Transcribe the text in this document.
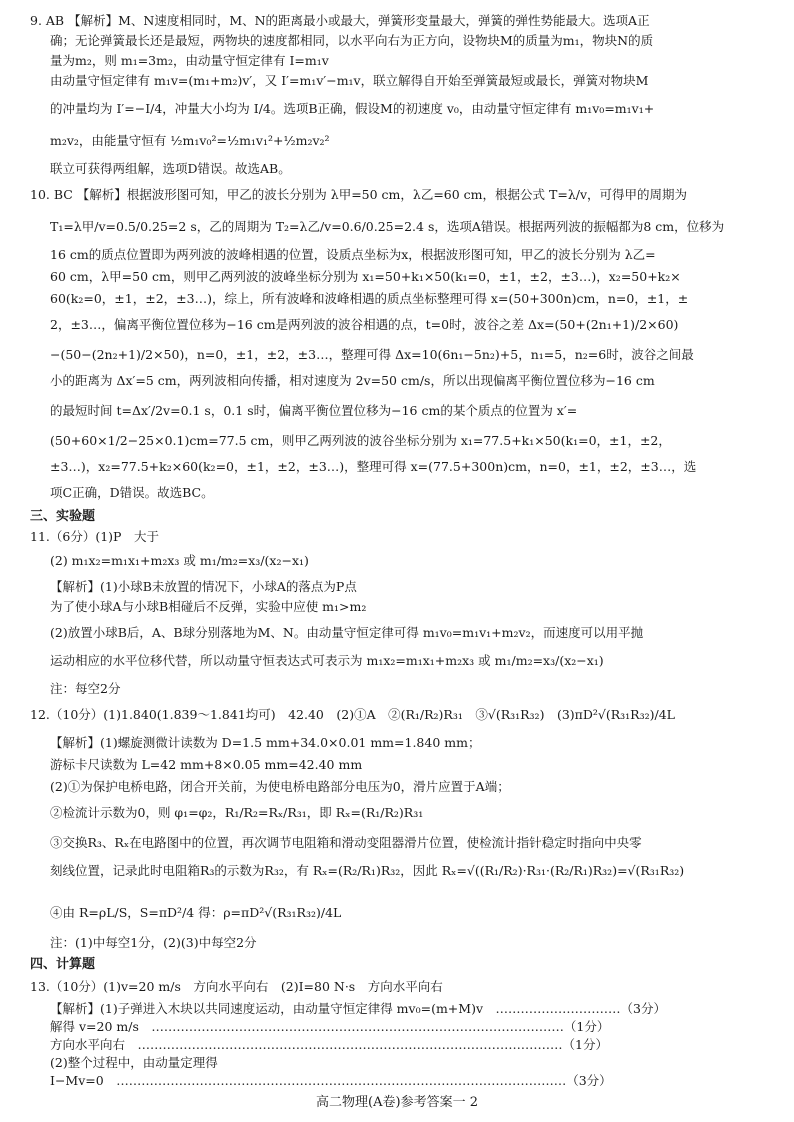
9. AB 【解析】M、N速度相同时，M、N的距离最小或最大，弹簧形变量最大，弹簧的弹性势能最大。选项A正
确；无论弹簧最长还是最短，两物块的速度都相同，以水平向右为正方向，设物块M的质量为m₁，物块N的质
量为m₂，则 m₁=3m₂，由动量守恒定律有 I=m₁v
由动量守恒定律有 m₁v=(m₁+m₂)v′，又 I′=m₁v′−m₁v，联立解得自开始至弹簧最短或最长，弹簧对物块M
的冲量均为 I′=−I/4，冲量大小均为 I/4。选项B正确，假设M的初速度 v₀，由动量守恒定律有 m₁v₀=m₁v₁+
m₂v₂，由能量守恒有 ½m₁v₀²=½m₁v₁²+½m₂v₂²
联立可获得两组解，选项D错误。故选AB。
10. BC 【解析】根据波形图可知，甲乙的波长分别为 λ甲=50 cm，λ乙=60 cm，根据公式 T=λ/v，可得甲的周期为
T₁=λ甲/v=0.5/0.25=2 s，乙的周期为 T₂=λ乙/v=0.6/0.25=2.4 s，选项A错误。根据两列波的振幅都为8 cm，位移为
16 cm的质点位置即为两列波的波峰相遇的位置，设质点坐标为x，根据波形图可知，甲乙的波长分别为 λ乙=
60 cm，λ甲=50 cm，则甲乙两列波的波峰坐标分别为 x₁=50+k₁×50(k₁=0，±1，±2，±3…)，x₂=50+k₂×
60(k₂=0，±1，±2，±3…)，综上，所有波峰和波峰相遇的质点坐标整理可得 x=(50+300n)cm，n=0，±1，±
2，±3…，偏离平衡位置位移为−16 cm是两列波的波谷相遇的点，t=0时，波谷之差 Δx=(50+(2n₁+1)/2×60)
−(50−(2n₂+1)/2×50)，n=0，±1，±2，±3…，整理可得 Δx=10(6n₁−5n₂)+5，n₁=5，n₂=6时，波谷之间最
小的距离为 Δx′=5 cm，两列波相向传播，相对速度为 2v=50 cm/s，所以出现偏离平衡位置位移为−16 cm
的最短时间 t=Δx′/2v=0.1 s，0.1 s时，偏离平衡位置位移为−16 cm的某个质点的位置为 x′=
(50+60×1/2−25×0.1)cm=77.5 cm，则甲乙两列波的波谷坐标分别为 x₁=77.5+k₁×50(k₁=0，±1，±2，
±3…)，x₂=77.5+k₂×60(k₂=0，±1，±2，±3…)，整理可得 x=(77.5+300n)cm，n=0，±1，±2，±3…，选
项C正确，D错误。故选BC。
三、实验题
11.（6分）(1)P　大于
(2) m₁x₂=m₁x₁+m₂x₃ 或 m₁/m₂=x₃/(x₂−x₁)
【解析】(1)小球B未放置的情况下，小球A的落点为P点
为了使小球A与小球B相碰后不反弹，实验中应使 m₁>m₂
(2)放置小球B后，A、B球分别落地为M、N。由动量守恒定律可得 m₁v₀=m₁v₁+m₂v₂，而速度可以用平抛
运动相应的水平位移代替，所以动量守恒表达式可表示为 m₁x₂=m₁x₁+m₂x₃ 或 m₁/m₂=x₃/(x₂−x₁)
注：每空2分
12.（10分）(1)1.840(1.839～1.841均可)　42.40　(2)①A　②(R₁/R₂)R₃₁　③√(R₃₁R₃₂)　(3)πD²√(R₃₁R₃₂)/4L
【解析】(1)螺旋测微计读数为 D=1.5 mm+34.0×0.01 mm=1.840 mm；
游标卡尺读数为 L=42 mm+8×0.05 mm=42.40 mm
(2)①为保护电桥电路，闭合开关前，为使电桥电路部分电压为0，滑片应置于A端；
②检流计示数为0，则 φ₁=φ₂，R₁/R₂=Rₓ/R₃₁，即 Rₓ=(R₁/R₂)R₃₁
③交换R₃、Rₓ在电路图中的位置，再次调节电阻箱和滑动变阻器滑片位置，使检流计指针稳定时指向中央零
刻线位置，记录此时电阻箱R₃的示数为R₃₂，有 Rₓ=(R₂/R₁)R₃₂，因此 Rₓ=√((R₁/R₂)·R₃₁·(R₂/R₁)R₃₂)=√(R₃₁R₃₂)
④由 R=ρL/S，S=πD²/4 得：ρ=πD²√(R₃₁R₃₂)/4L
注：(1)中每空1分，(2)(3)中每空2分
四、计算题
13.（10分）(1)v=20 m/s　方向水平向右　(2)I=80 N·s　方向水平向右
【解析】(1)子弹进入木块以共同速度运动，由动量守恒定律得 mv₀=(m+M)v　…………………………（3分）
解得 v=20 m/s　………………………………………………………………………………………（1分）
方向水平向右　…………………………………………………………………………………………（1分）
(2)整个过程中，由动量定理得
I−Mv=0　………………………………………………………………………………………………（3分）
高二物理(A卷)参考答案一 2
